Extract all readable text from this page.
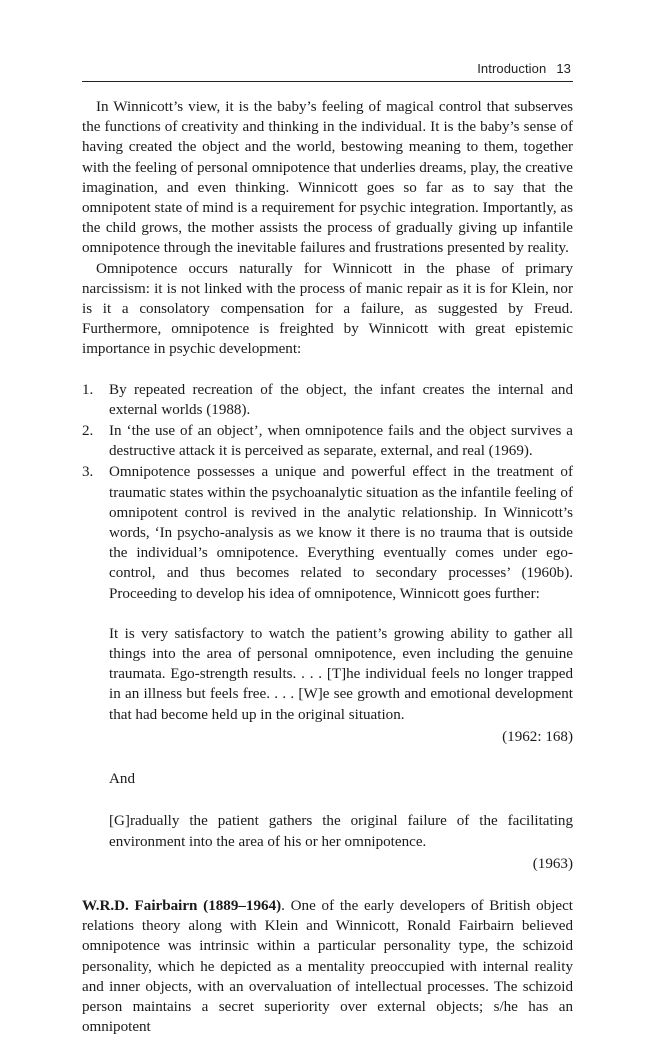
Introduction 13

In Winnicott’s view, it is the baby’s feeling of magical control that subserves the functions of creativity and thinking in the individual. It is the baby’s sense of having created the object and the world, bestowing meaning to them, together with the feeling of personal omnipotence that underlies dreams, play, the creative imagination, and even thinking. Winnicott goes so far as to say that the omnipotent state of mind is a requirement for psychic integration. Importantly, as the child grows, the mother assists the process of gradually giving up infantile omnipotence through the inevitable failures and frustrations presented by reality.

Omnipotence occurs naturally for Winnicott in the phase of primary narcissism: it is not linked with the process of manic repair as it is for Klein, nor is it a consolatory compensation for a failure, as suggested by Freud. Furthermore, omnipotence is freighted by Winnicott with great epistemic importance in psychic development:

1. By repeated recreation of the object, the infant creates the internal and external worlds (1988).
2. In ‘the use of an object’, when omnipotence fails and the object survives a destructive attack it is perceived as separate, external, and real (1969).
3. Omnipotence possesses a unique and powerful effect in the treatment of traumatic states within the psychoanalytic situation as the infantile feeling of omnipotent control is revived in the analytic relationship. In Winnicott’s words, ‘In psycho-analysis as we know it there is no trauma that is outside the individual’s omnipotence. Everything eventually comes under ego-control, and thus becomes related to secondary processes’ (1960b). Proceeding to develop his idea of omnipotence, Winnicott goes further:

It is very satisfactory to watch the patient’s growing ability to gather all things into the area of personal omnipotence, even including the genuine traumata. Ego-strength results. . . . [T]he individual feels no longer trapped in an illness but feels free. . . . [W]e see growth and emotional development that had become held up in the original situation.

(1962: 168)

And

[G]radually the patient gathers the original failure of the facilitating environment into the area of his or her omnipotence.

(1963)

W.R.D. Fairbairn (1889–1964). One of the early developers of British object relations theory along with Klein and Winnicott, Ronald Fairbairn believed omnipotence was intrinsic within a particular personality type, the schizoid personality, which he depicted as a mentality preoccupied with internal reality and inner objects, with an overvaluation of intellectual processes. The schizoid person maintains a secret superiority over external objects; s/he has an omnipotent
